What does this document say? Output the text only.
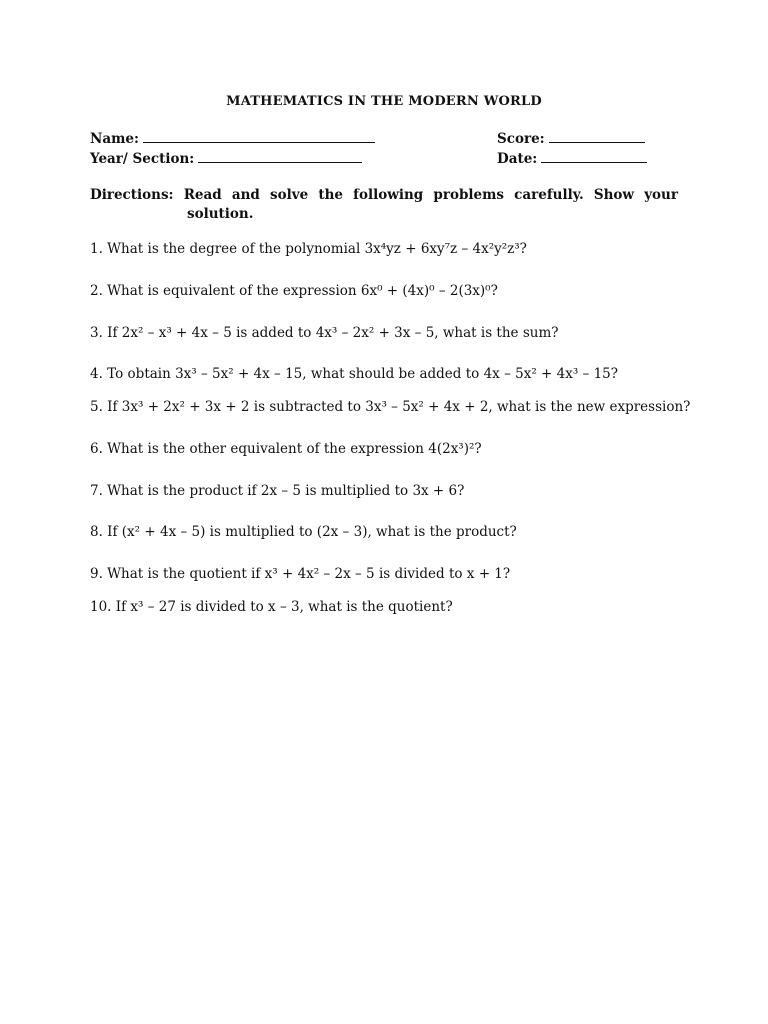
MATHEMATICS IN THE MODERN WORLD
Name:	Score:
Year/ Section:	Date:
Directions: Read and solve the following problems carefully. Show your
solution.
1. What is the degree of the polynomial 3x⁴yz + 6xy⁷z – 4x²y²z³?
2. What is equivalent of the expression 6x⁰ + (4x)⁰ – 2(3x)⁰?
3. If 2x² – x³ + 4x – 5 is added to 4x³ – 2x² + 3x – 5, what is the sum?
4. To obtain 3x³ – 5x² + 4x – 15, what should be added to 4x – 5x² + 4x³ – 15?
5. If 3x³ + 2x² + 3x + 2 is subtracted to 3x³ – 5x² + 4x + 2, what is the new expression?
6. What is the other equivalent of the expression 4(2x³)²?
7. What is the product if 2x – 5 is multiplied to 3x + 6?
8. If (x² + 4x – 5) is multiplied to (2x – 3), what is the product?
9. What is the quotient if x³ + 4x² – 2x – 5 is divided to x + 1?
10. If x³ – 27 is divided to x – 3, what is the quotient?
